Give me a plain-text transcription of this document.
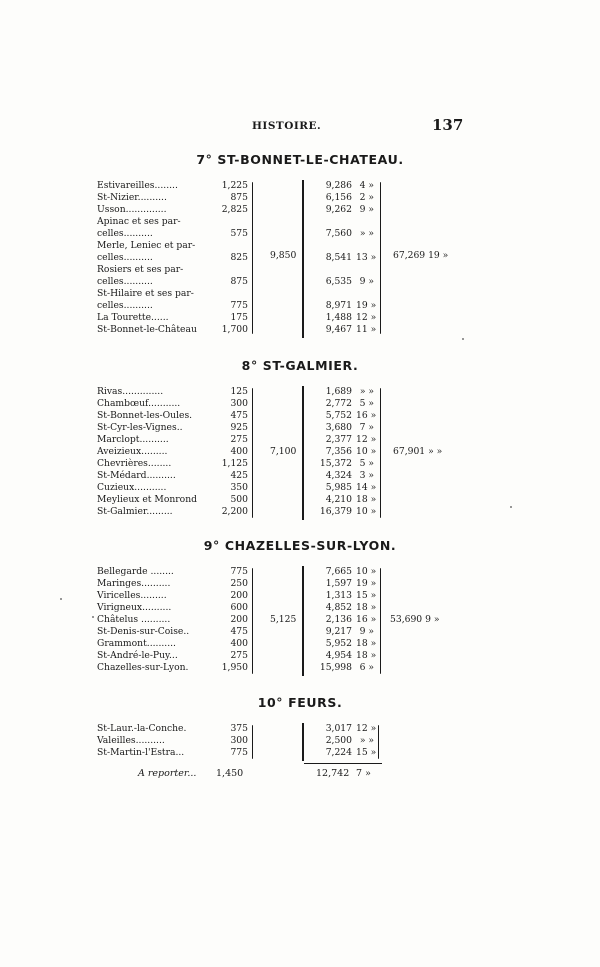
HISTOIRE.	137
7° ST-BONNET-LE-CHATEAU.
Estivareilles........	1,225	9,286 4 »
St-Nizier..........	875	6,156 2 »
Usson..............	2,825	9,262 9 »
Apinac et ses par-
celles..........	575	7,560 » »
Merle, Leniec et par-
celles..........	825	8,541 13 »
Rosiers et ses par-
celles..........	875	6,535 9 »
St-Hilaire et ses par-
celles..........	775	8,971 19 »
La Tourette......	175	1,488 12 »
St-Bonnet-le-Château	1,700	9,467 11 »
9,850	67,269 19 »
8° ST-GALMIER.
Rivas..............	125	1,689 » »
Chambœuf...........	300	2,772 5 »
St-Bonnet-les-Oules.	475	5,752 16 »
St-Cyr-les-Vignes..	925	3,680 7 »
Marclopt..........	275	2,377 12 »
Aveizieux.........	400	7,356 10 »
Chevrières........	1,125	15,372 5 »
St-Médard..........	425	4,324 3 »
Cuzieux...........	350	5,985 14 »
Meylieux et Monrond	500	4,210 18 »
St-Galmier.........	2,200	16,379 10 »
7,100	67,901 » »
9° CHAZELLES-SUR-LYON.
Bellegarde ........	775	7,665 10 »
Maringes..........	250	1,597 19 »
Viricelles.........	200	1,313 15 »
Virigneux..........	600	4,852 18 »
Châtelus ..........	200	2,136 16 »
St-Denis-sur-Coise..	475	9,217 9 »
Grammont..........	400	5,952 18 »
St-André-le-Puy...	275	4,954 18 »
Chazelles-sur-Lyon.	1,950	15,998 6 »
5,125	53,690 9 »
10° FEURS.
St-Laur.-la-Conche.	375	3,017 12 »
Valeilles..........	300	2,500 » »
St-Martin-l'Estra...	775	7,224 15 »
A reporter... 1,450	12,742 7 »
